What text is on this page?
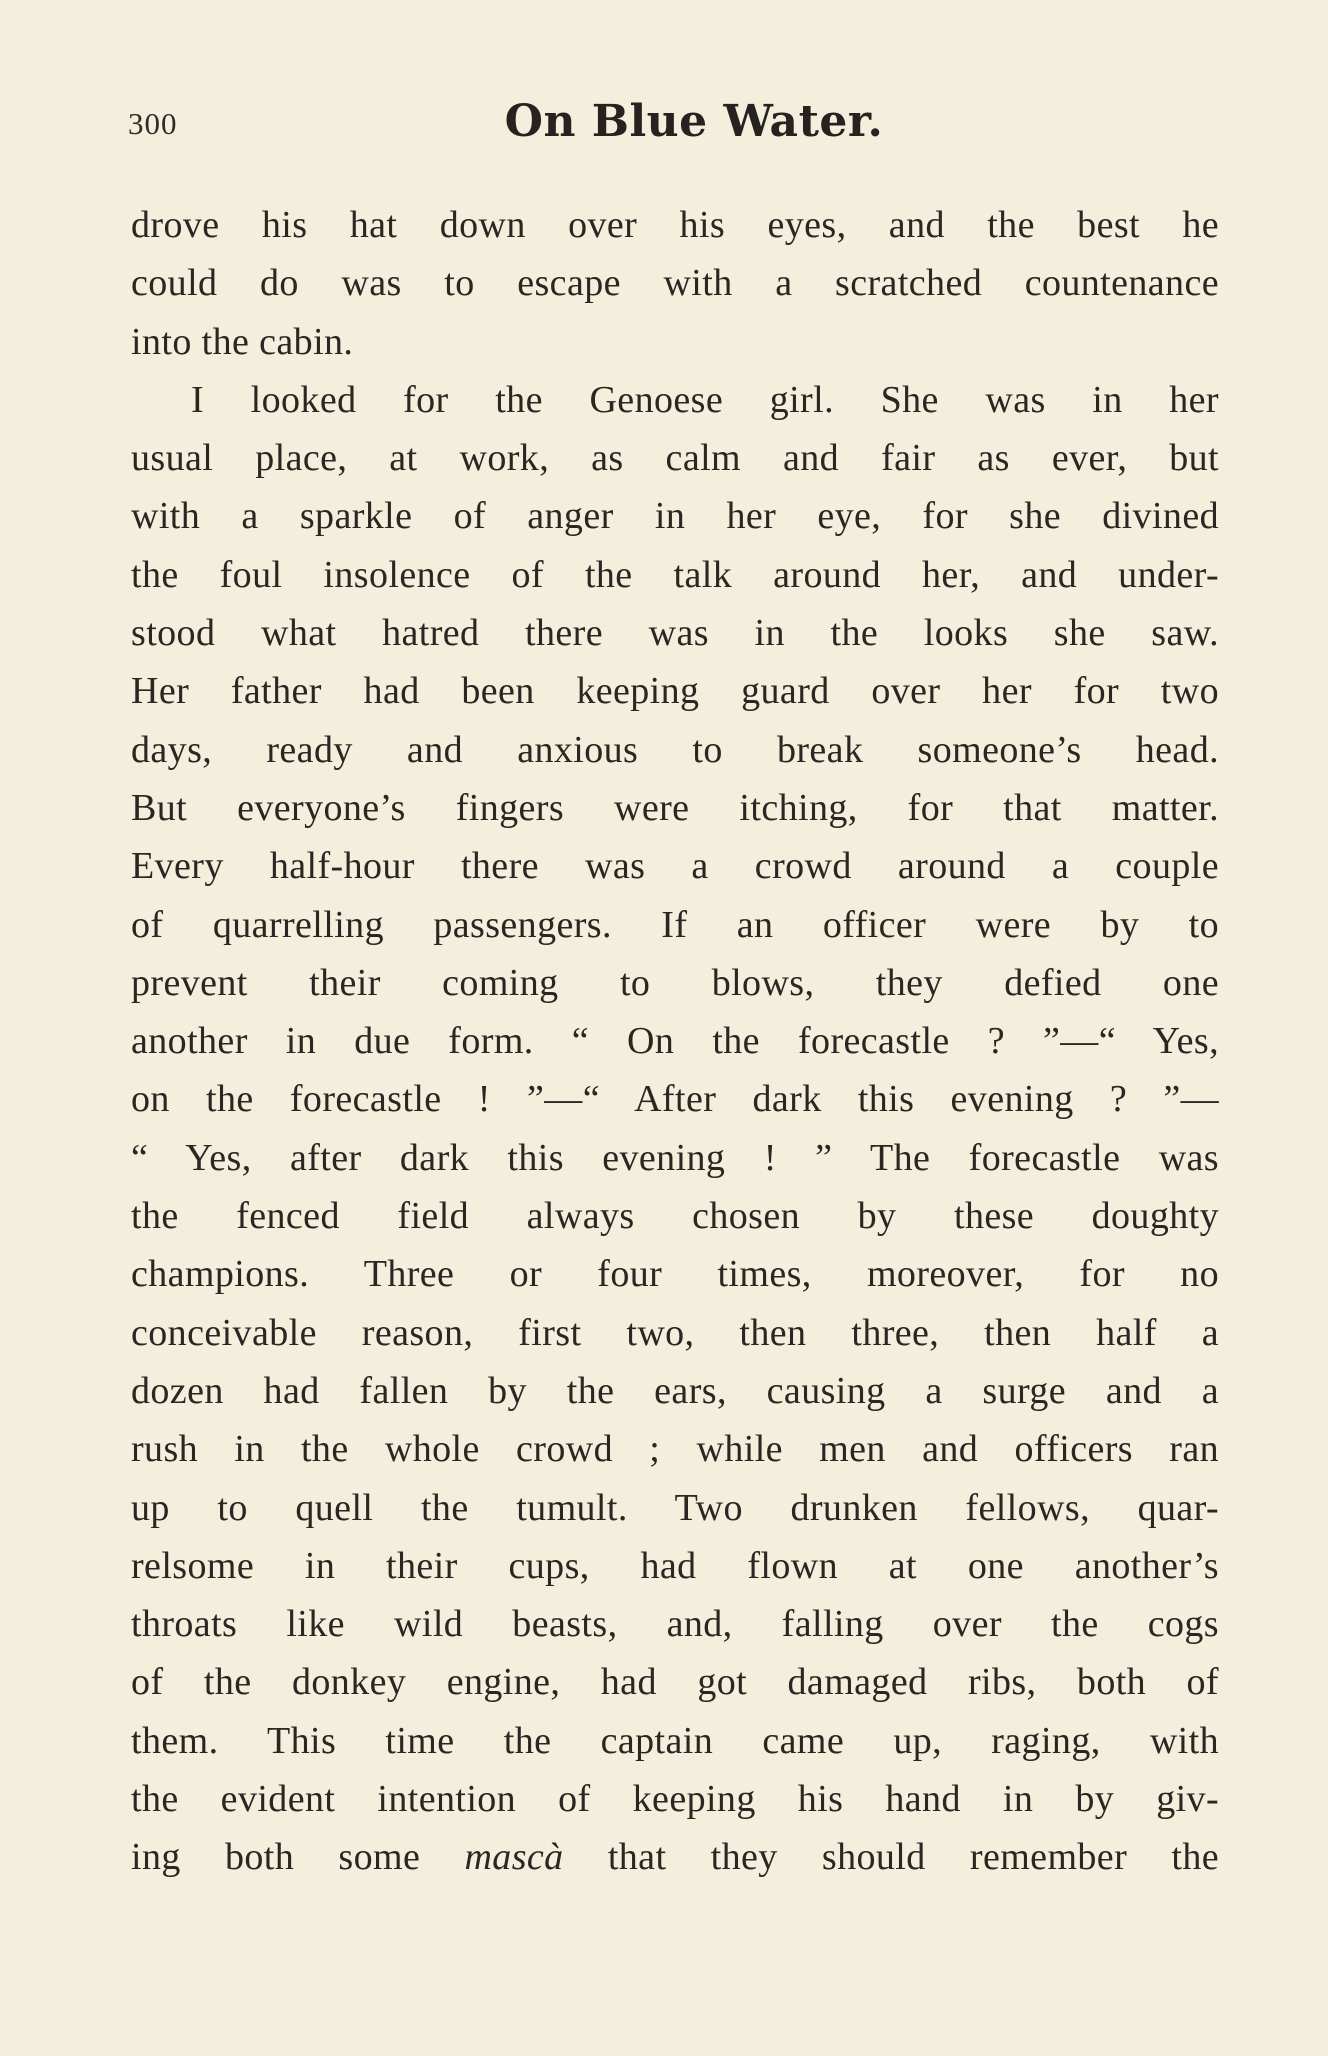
300	On Blue Water.
drove his hat down over his eyes, and the best he
could do was to escape with a scratched countenance
into the cabin.
I looked for the Genoese girl. She was in her
usual place, at work, as calm and fair as ever, but
with a sparkle of anger in her eye, for she divined
the foul insolence of the talk around her, and under-
stood what hatred there was in the looks she saw.
Her father had been keeping guard over her for two
days, ready and anxious to break someone’s head.
But everyone’s fingers were itching, for that matter.
Every half-hour there was a crowd around a couple
of quarrelling passengers. If an officer were by to
prevent their coming to blows, they defied one
another in due form. “ On the forecastle ? ”—“ Yes,
on the forecastle ! ”—“ After dark this evening ? ”—
“ Yes, after dark this evening ! ” The forecastle was
the fenced field always chosen by these doughty
champions. Three or four times, moreover, for no
conceivable reason, first two, then three, then half a
dozen had fallen by the ears, causing a surge and a
rush in the whole crowd ; while men and officers ran
up to quell the tumult. Two drunken fellows, quar-
relsome in their cups, had flown at one another’s
throats like wild beasts, and, falling over the cogs
of the donkey engine, had got damaged ribs, both of
them. This time the captain came up, raging, with
the evident intention of keeping his hand in by giv-
ing both some mascà that they should remember the
